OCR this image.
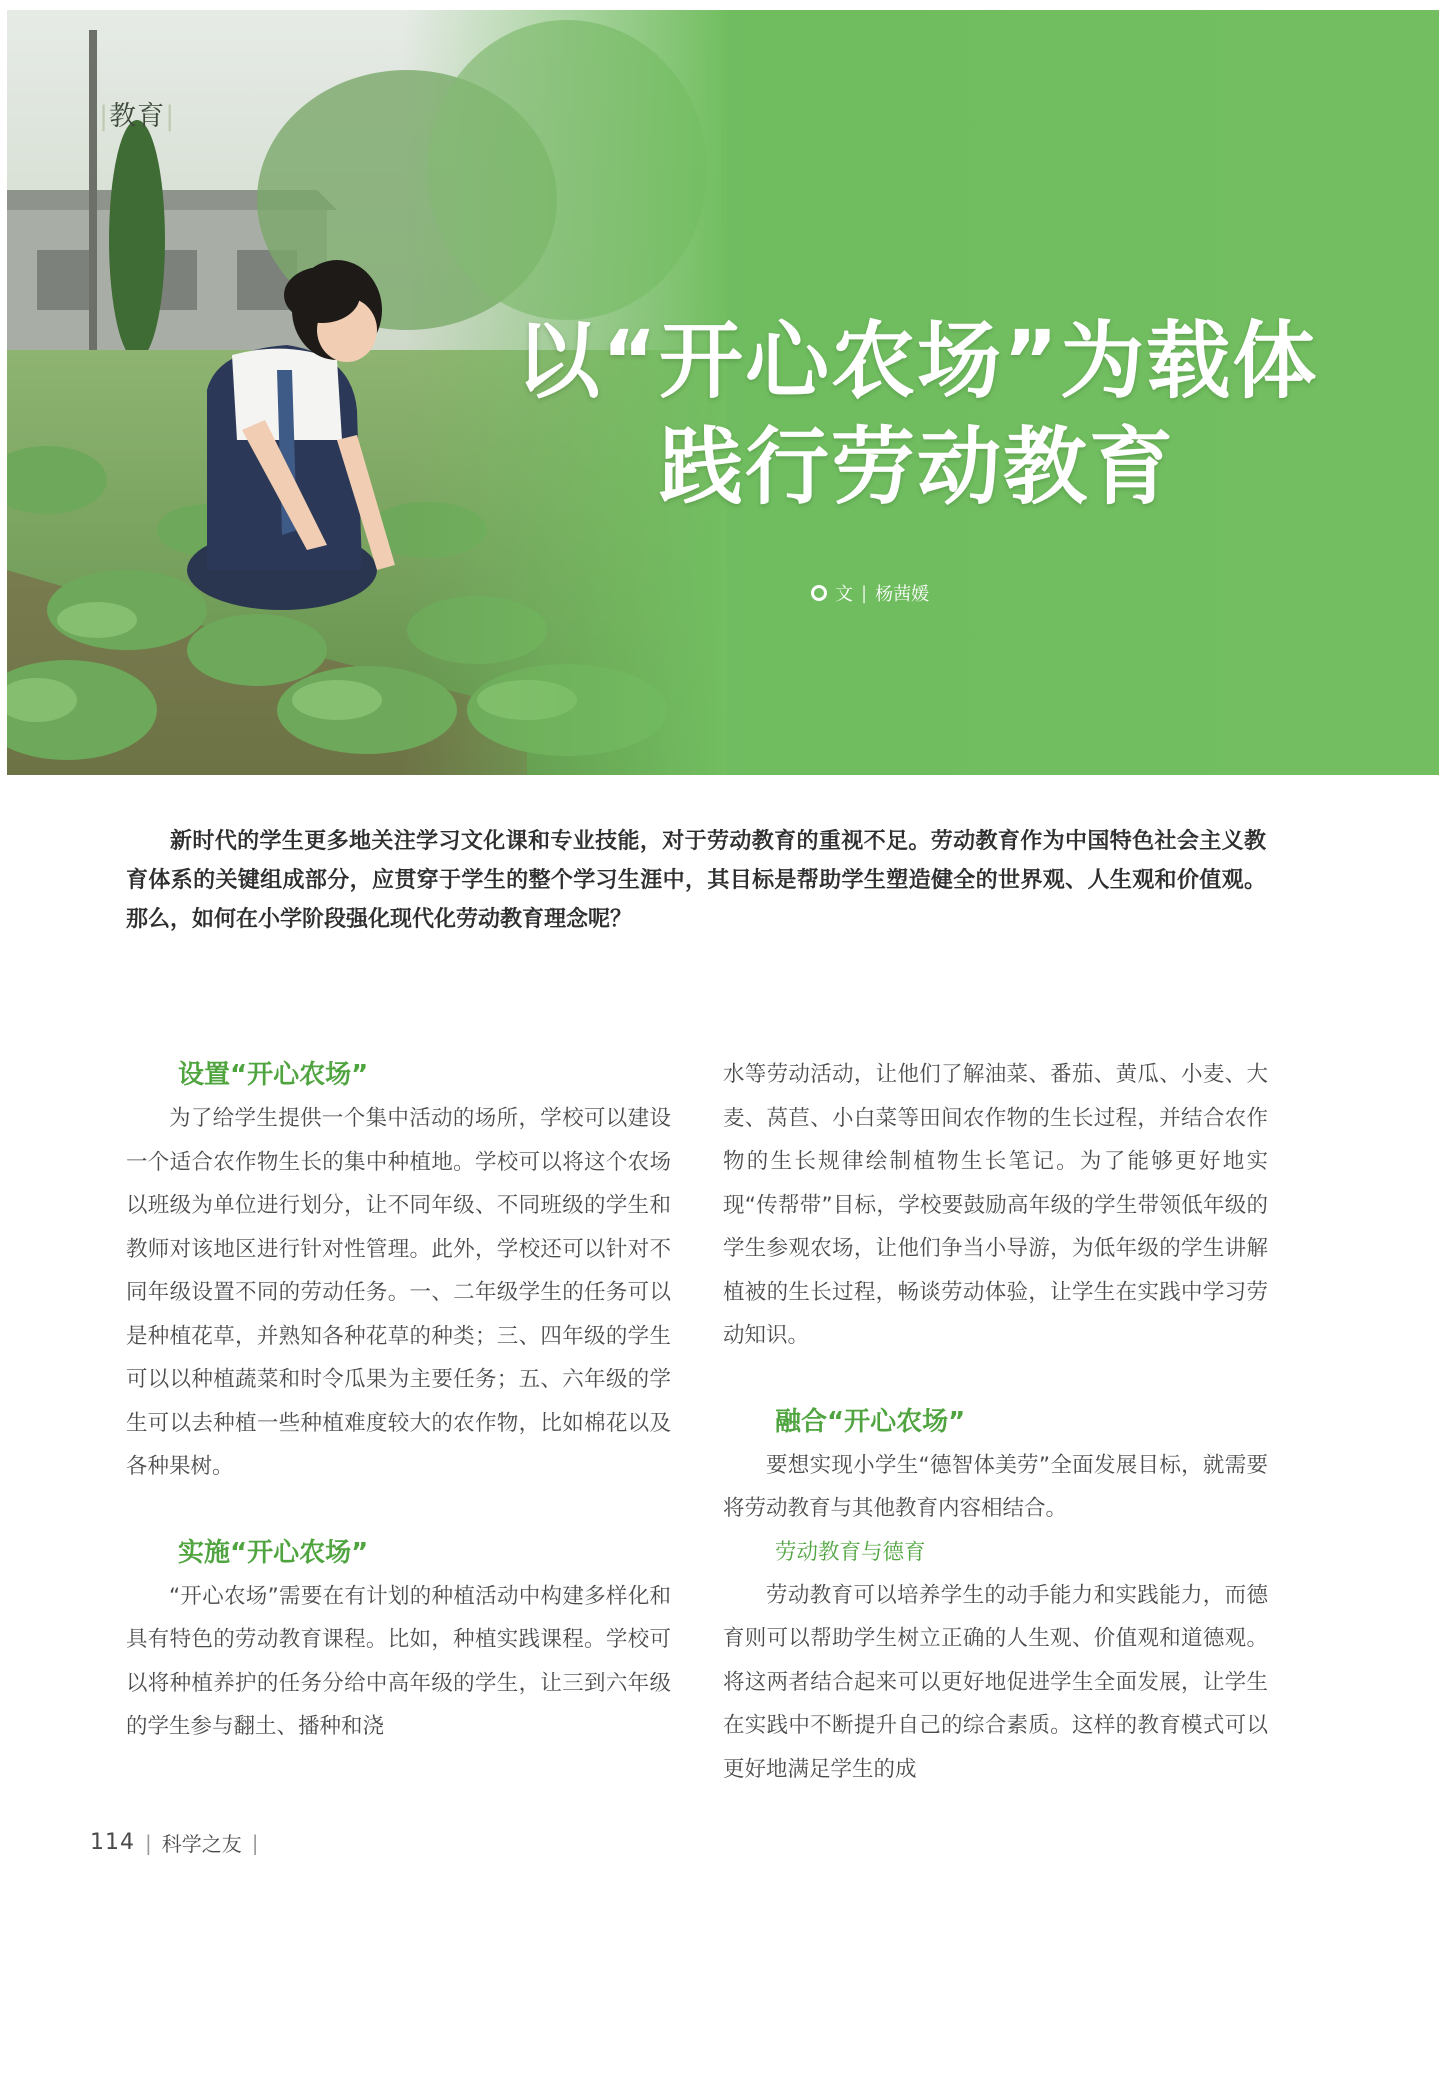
|教育|
以“开心农场”为载体
践行劳动教育
文 | 杨茜媛
新时代的学生更多地关注学习文化课和专业技能，对于劳动教育的重视不足。劳动教育作为中国特色社会主义教育体系的关键组成部分，应贯穿于学生的整个学习生涯中，其目标是帮助学生塑造健全的世界观、人生观和价值观。那么，如何在小学阶段强化现代化劳动教育理念呢？
设置“开心农场”

为了给学生提供一个集中活动的场所，学校可以建设一个适合农作物生长的集中种植地。学校可以将这个农场以班级为单位进行划分，让不同年级、不同班级的学生和教师对该地区进行针对性管理。此外，学校还可以针对不同年级设置不同的劳动任务。一、二年级学生的任务可以是种植花草，并熟知各种花草的种类；三、四年级的学生可以以种植蔬菜和时令瓜果为主要任务；五、六年级的学生可以去种植一些种植难度较大的农作物，比如棉花以及各种果树。

实施“开心农场”

“开心农场”需要在有计划的种植活动中构建多样化和具有特色的劳动教育课程。比如，种植实践课程。学校可以将种植养护的任务分给中高年级的学生，让三到六年级的学生参与翻土、播种和浇

水等劳动活动，让他们了解油菜、番茄、黄瓜、小麦、大麦、莴苣、小白菜等田间农作物的生长过程，并结合农作物的生长规律绘制植物生长笔记。为了能够更好地实现“传帮带”目标，学校要鼓励高年级的学生带领低年级的学生参观农场，让他们争当小导游，为低年级的学生讲解植被的生长过程，畅谈劳动体验，让学生在实践中学习劳动知识。

融合“开心农场”

要想实现小学生“德智体美劳”全面发展目标，就需要将劳动教育与其他教育内容相结合。

劳动教育与德育

劳动教育可以培养学生的动手能力和实践能力，而德育则可以帮助学生树立正确的人生观、价值观和道德观。将这两者结合起来可以更好地促进学生全面发展，让学生在实践中不断提升自己的综合素质。这样的教育模式可以更好地满足学生的成

114 | 科学之友 |
